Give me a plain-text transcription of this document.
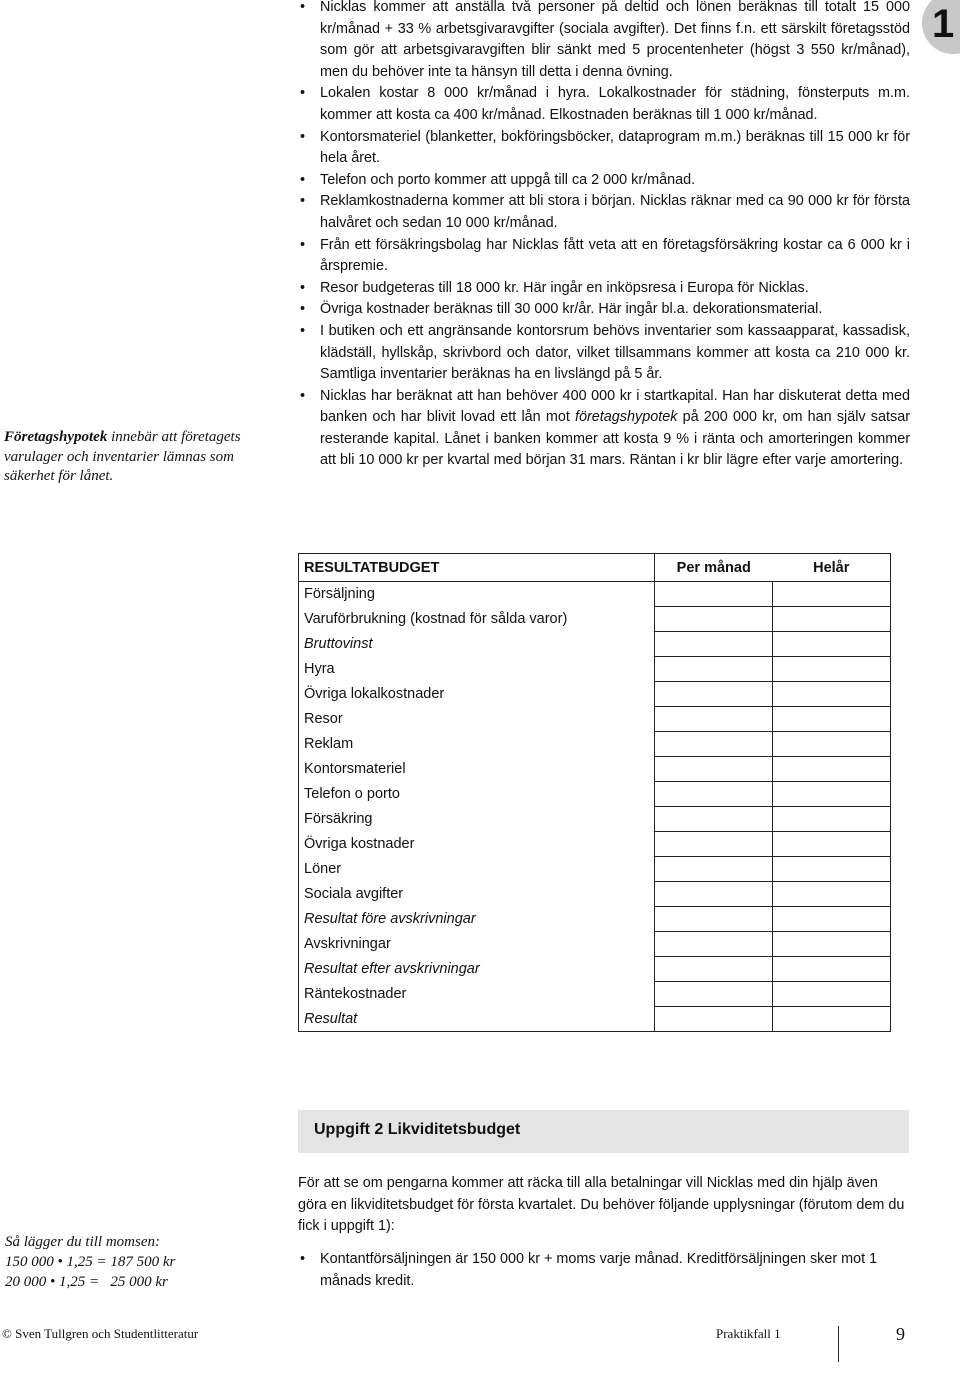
1
• Nicklas kommer att anställa två personer på deltid och lönen beräknas till totalt 15 000 kr/månad + 33 % arbetsgivaravgifter (sociala avgifter). Det finns f.n. ett särskilt företagsstöd som gör att arbetsgivaravgiften blir sänkt med 5 procentenheter (högst 3 550 kr/månad), men du behöver inte ta hänsyn till detta i denna övning.
• Lokalen kostar 8 000 kr/månad i hyra. Lokalkostnader för städning, fönsterputs m.m. kommer att kosta ca 400 kr/månad. Elkostnaden beräknas till 1 000 kr/månad.
• Kontorsmateriel (blanketter, bokföringsböcker, dataprogram m.m.) beräknas till 15 000 kr för hela året.
• Telefon och porto kommer att uppgå till ca 2 000 kr/månad.
• Reklamkostnaderna kommer att bli stora i början. Nicklas räknar med ca 90 000 kr för första halvåret och sedan 10 000 kr/månad.
• Från ett försäkringsbolag har Nicklas fått veta att en företagsförsäkring kostar ca 6 000 kr i årspremie.
• Resor budgeteras till 18 000 kr. Här ingår en inköpsresa i Europa för Nicklas.
• Övriga kostnader beräknas till 30 000 kr/år. Här ingår bl.a. dekorationsmaterial.
• I butiken och ett angränsande kontorsrum behövs inventarier som kassaapparat, kassadisk, klädställ, hyllskåp, skrivbord och dator, vilket tillsammans kommer att kosta ca 210 000 kr. Samtliga inventarier beräknas ha en livslängd på 5 år.
• Nicklas har beräknat att han behöver 400 000 kr i startkapital. Han har diskuterat detta med banken och har blivit lovad ett lån mot företagshypotek på 200 000 kr, om han själv satsar resterande kapital. Lånet i banken kommer att kosta 9 % i ränta och amorteringen kommer att bli 10 000 kr per kvartal med början 31 mars. Räntan i kr blir lägre efter varje amortering.
Företagshypotek innebär att företagets varulager och inventarier lämnas som säkerhet för lånet.
RESULTATBUDGET	Per månad	Helår
Försäljning		
Varuförbrukning (kostnad för sålda varor)		
Bruttovinst		
Hyra		
Övriga lokalkostnader		
Resor		
Reklam		
Kontorsmateriel		
Telefon o porto		
Försäkring		
Övriga kostnader		
Löner		
Sociala avgifter		
Resultat före avskrivningar		
Avskrivningar		
Resultat efter avskrivningar		
Räntekostnader		
Resultat		
Uppgift 2 Likviditetsbudget

För att se om pengarna kommer att räcka till alla betalningar vill Nicklas med din hjälp även göra en likviditetsbudget för första kvartalet. Du behöver följande upplysningar (förutom dem du fick i uppgift 1):

• Kontantförsäljningen är 150 000 kr + moms varje månad. Kreditförsäljningen sker mot 1 månads kredit.
Så lägger du till momsen:
150 000 • 1,25 = 187 500 kr
20 000 • 1,25 =   25 000 kr
© Sven Tullgren och Studentlitteratur	Praktikfall 1	9
